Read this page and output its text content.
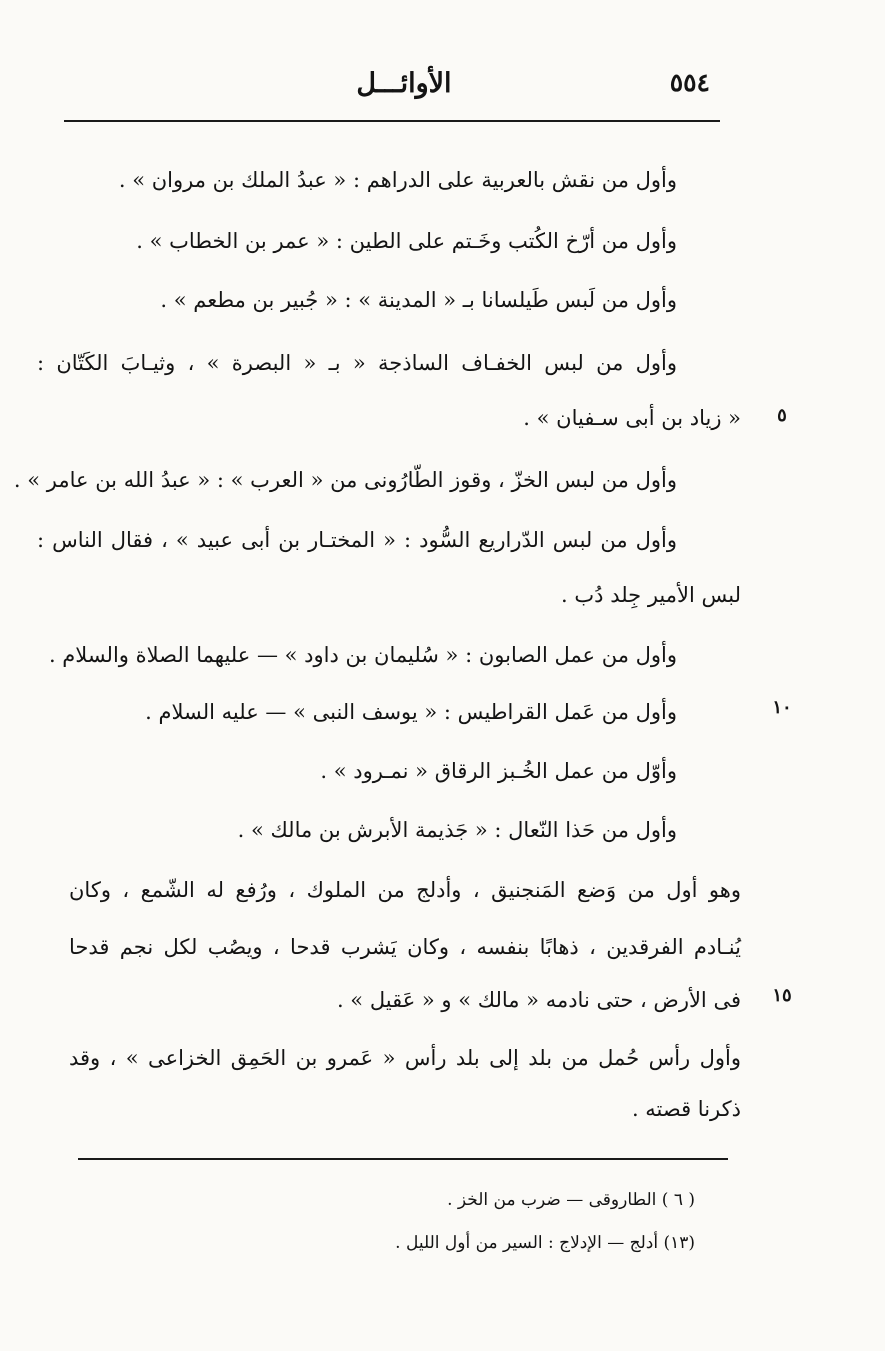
٥٥٤
الأوائـــل
وأول من نقش بالعربية على الدراهم : « عبدُ الملك بن مروان » .
وأول من أرّخ الكُتب وخَـتم على الطين : « عمر بن الخطاب » .
وأول من لَبس طَيلسانا بـ « المدينة » : « جُبير بن مطعم » .
وأول من لبس الخفـاف الساذجة « بـ « البصرة » ، وثيـابَ الكَتّان :
« زياد بن أبى سـفيان » .
وأول من لبس الخزّ ، وقوز الطّارُونى من « العرب » : « عبدُ الله بن عامر » .
وأول من لبس الدّراريع السُّود : « المختـار بن أبى عبيد » ، فقال الناس :
لبس الأمير جِلد دُب .
وأول من عمل الصابون : « سُليمان بن داود » — عليهما الصلاة والسلام .
وأول من عَمل القراطيس : « يوسف النبى » — عليه السلام .
وأوّل من عمل الخُـبز الرقاق « نمـرود » .
وأول من حَذا النّعال : « جَذيمة الأبرش بن مالك » .
وهو أول من وَضع المَنجنيق ، وأدلج من الملوك ، ورُفع له الشّمع ، وكان
يُنـادم الفرقدين ، ذهابًا بنفسه ، وكان يَشرب قدحا ، ويصُب لكل نجم قدحا
فى الأرض ، حتى نادمه « مالك » و « عَقيل » .
وأول رأس حُمل من بلد إلى بلد رأس « عَمرو بن الحَمِق الخزاعى » ، وقد
ذكرنا قصته .
٥
١٠
١٥
( ٦ ) الطاروقى — ضرب من الخز .
(١٣) أدلج — الإدلاج : السير من أول الليل .
